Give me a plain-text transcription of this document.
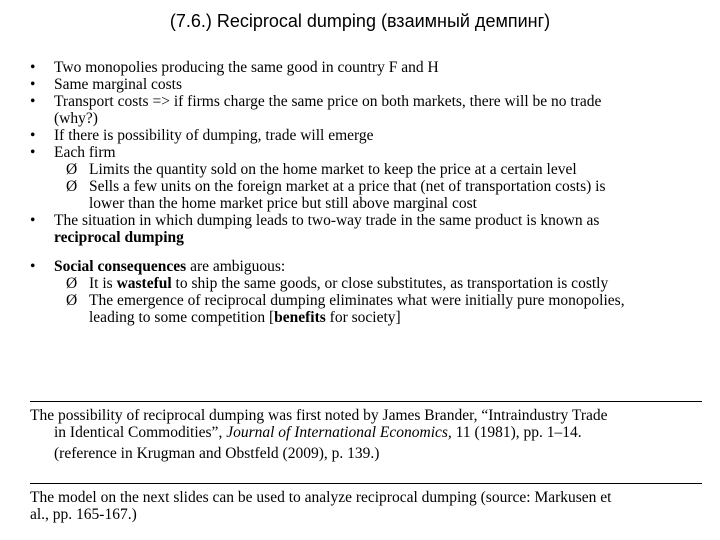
(7.6.) Reciprocal dumping (взаимный демпинг)
• Two monopolies producing the same good in country F and H
• Same marginal costs
• Transport costs => if firms charge the same price on both markets, there will be no trade
(why?)
• If there is possibility of dumping, trade will emerge
• Each firm
Ø Limits the quantity sold on the home market to keep the price at a certain level
Ø Sells a few units on the foreign market at a price that (net of transportation costs) is
lower than the home market price but still above marginal cost
• The situation in which dumping leads to two-way trade in the same product is known as
reciprocal dumping
• Social consequences are ambiguous:
Ø It is wasteful to ship the same goods, or close substitutes, as transportation is costly
Ø The emergence of reciprocal dumping eliminates what were initially pure monopolies,
leading to some competition [benefits for society]
The possibility of reciprocal dumping was first noted by James Brander, “Intraindustry Trade
in Identical Commodities”, Journal of International Economics, 11 (1981), pp. 1–14.
(reference in Krugman and Obstfeld (2009), p. 139.)
The model on the next slides can be used to analyze reciprocal dumping (source: Markusen et
al., pp. 165-167.)
